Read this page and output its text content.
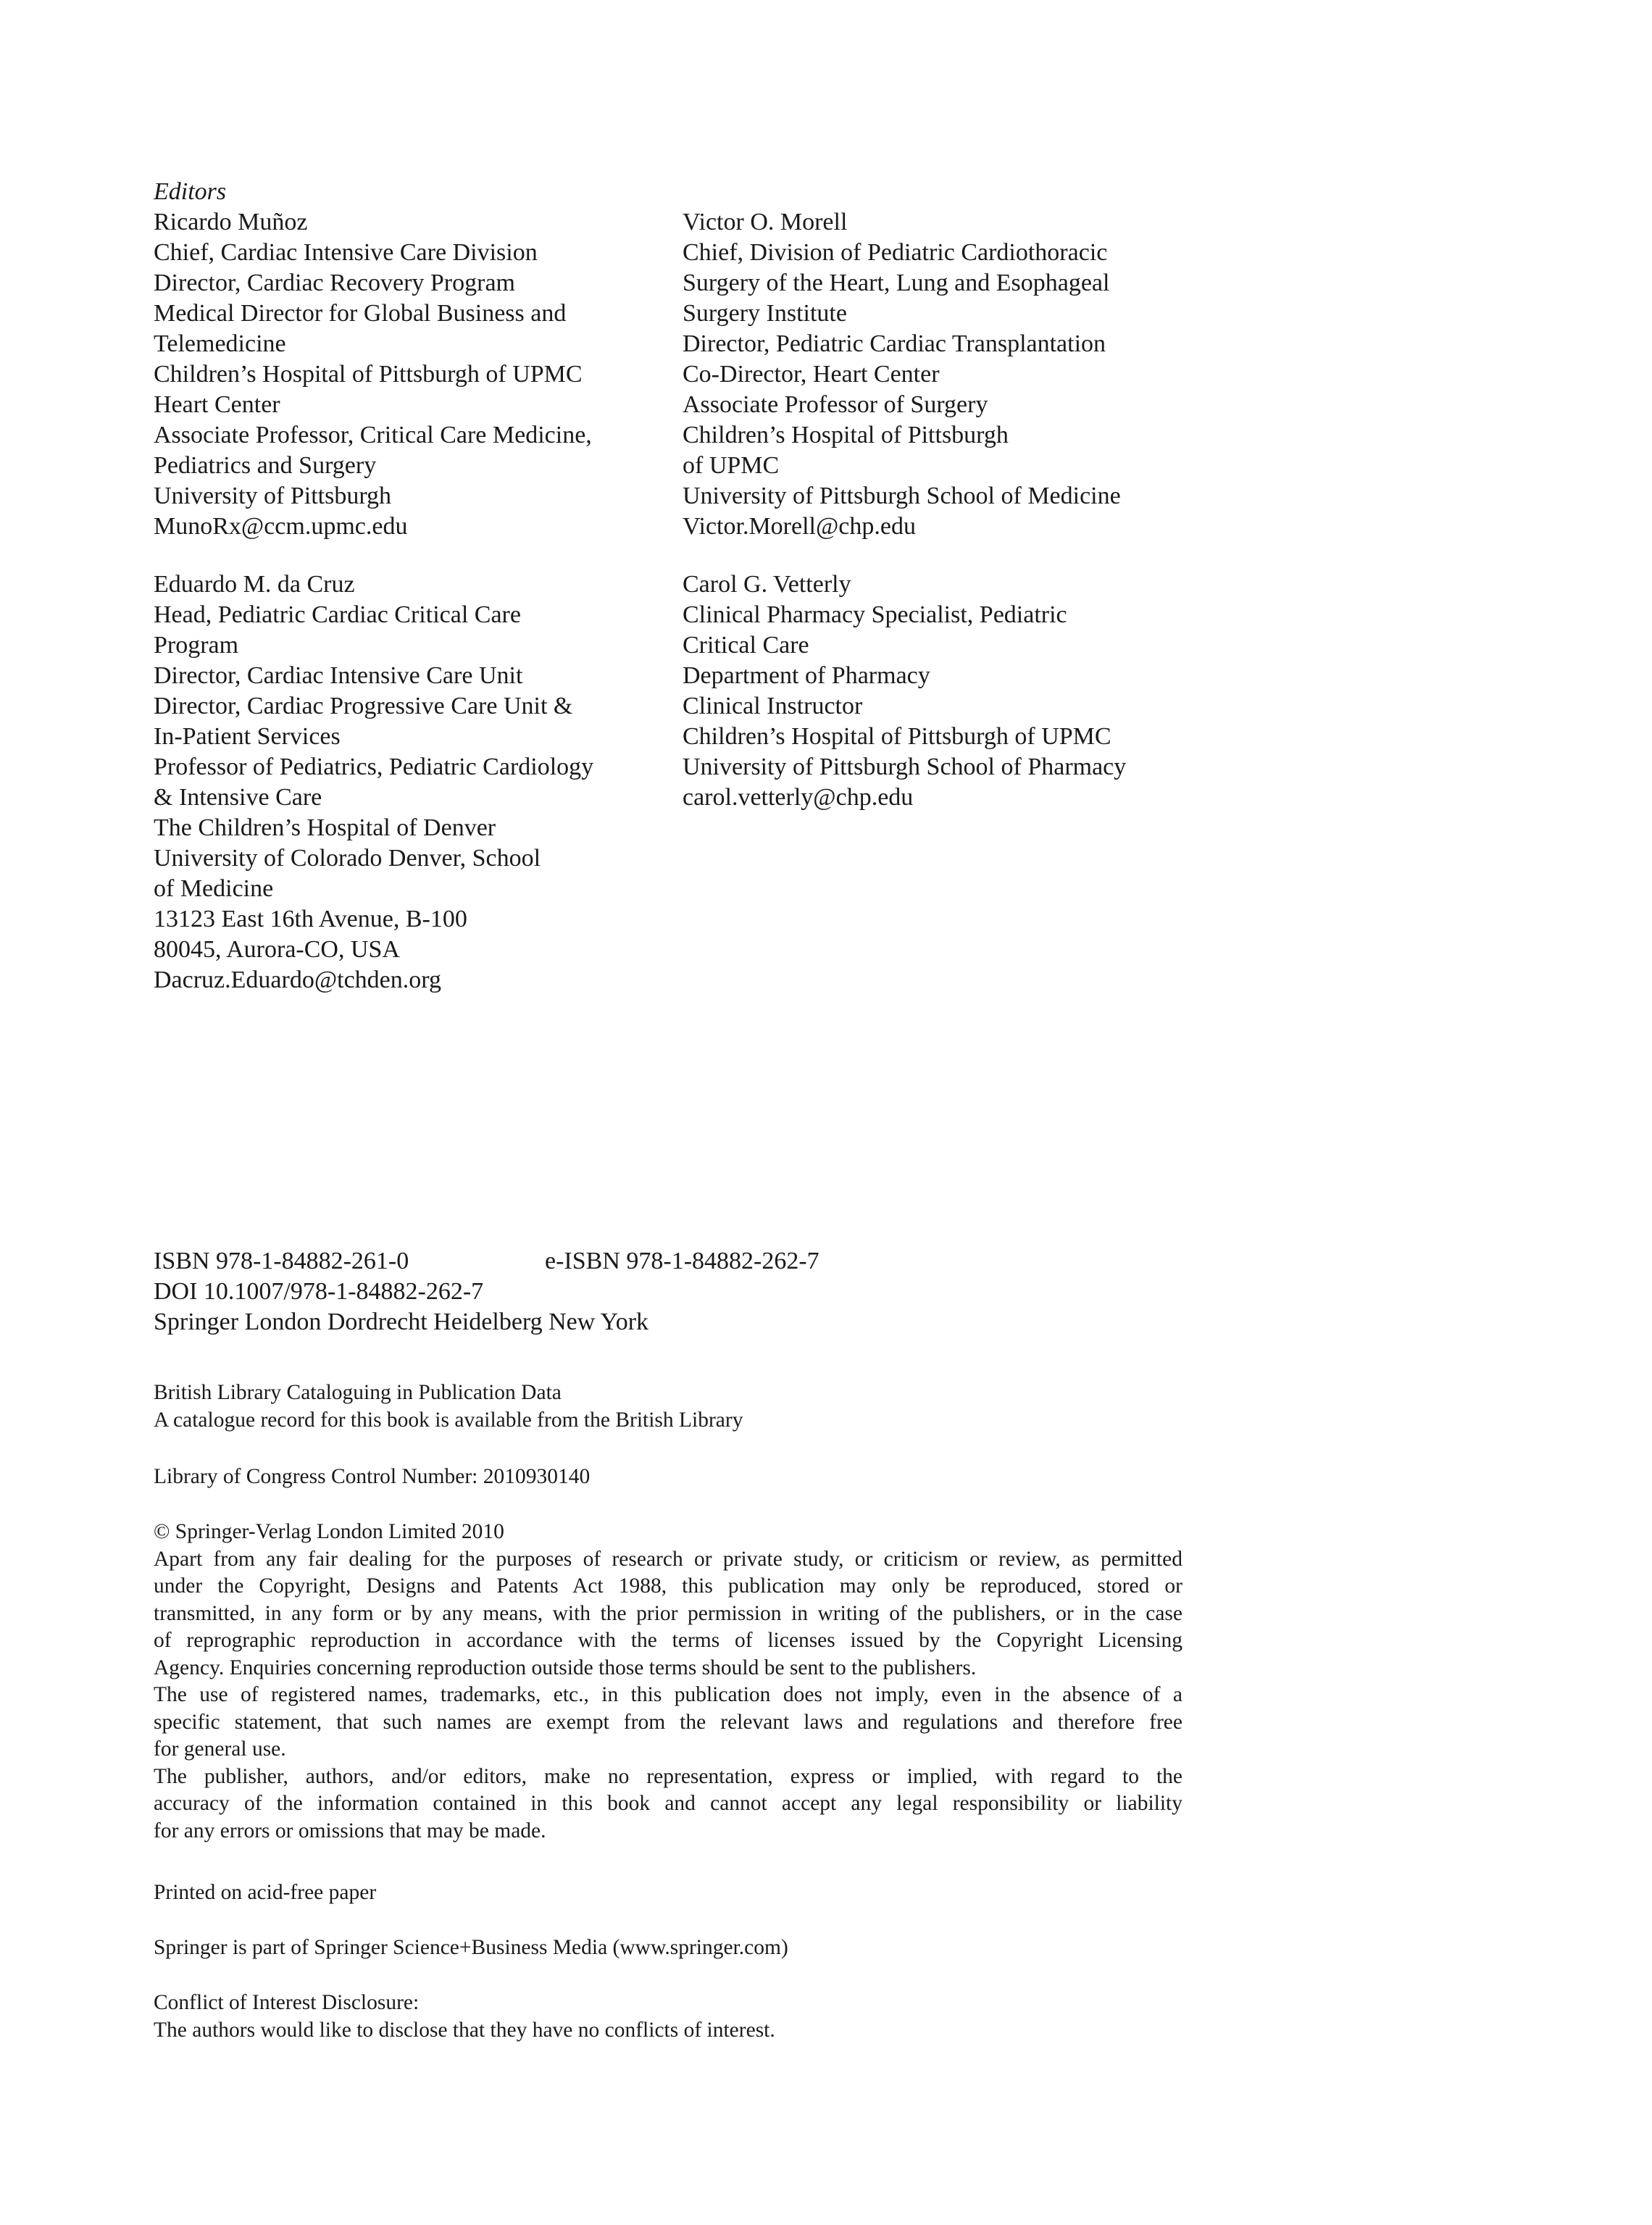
Editors
Ricardo Muñoz
Chief, Cardiac Intensive Care Division
Director, Cardiac Recovery Program
Medical Director for Global Business and
Telemedicine
Children’s Hospital of Pittsburgh of UPMC
Heart Center
Associate Professor, Critical Care Medicine,
Pediatrics and Surgery
University of Pittsburgh
MunoRx@ccm.upmc.edu
Victor O. Morell
Chief, Division of Pediatric Cardiothoracic
Surgery of the Heart, Lung and Esophageal
Surgery Institute
Director, Pediatric Cardiac Transplantation
Co-Director, Heart Center
Associate Professor of Surgery
Children’s Hospital of Pittsburgh
of UPMC
University of Pittsburgh School of Medicine
Victor.Morell@chp.edu
Eduardo M. da Cruz
Head, Pediatric Cardiac Critical Care
Program
Director, Cardiac Intensive Care Unit
Director, Cardiac Progressive Care Unit &
In-Patient Services
Professor of Pediatrics, Pediatric Cardiology
& Intensive Care
The Children’s Hospital of Denver
University of Colorado Denver, School
of Medicine
13123 East 16th Avenue, B-100
80045, Aurora-CO, USA
Dacruz.Eduardo@tchden.org
Carol G. Vetterly
Clinical Pharmacy Specialist, Pediatric
Critical Care
Department of Pharmacy
Clinical Instructor
Children’s Hospital of Pittsburgh of UPMC
University of Pittsburgh School of Pharmacy
carol.vetterly@chp.edu
ISBN 978-1-84882-261-0	e-ISBN 978-1-84882-262-7
DOI 10.1007/978-1-84882-262-7
Springer London Dordrecht Heidelberg New York
British Library Cataloguing in Publication Data
A catalogue record for this book is available from the British Library
Library of Congress Control Number: 2010930140
© Springer-Verlag London Limited 2010
Apart from any fair dealing for the purposes of research or private study, or criticism or review, as permitted
under the Copyright, Designs and Patents Act 1988, this publication may only be reproduced, stored or
transmitted, in any form or by any means, with the prior permission in writing of the publishers, or in the case
of reprographic reproduction in accordance with the terms of licenses issued by the Copyright Licensing
Agency. Enquiries concerning reproduction outside those terms should be sent to the publishers.
The use of registered names, trademarks, etc., in this publication does not imply, even in the absence of a
specific statement, that such names are exempt from the relevant laws and regulations and therefore free
for general use.
The publisher, authors, and/or editors, make no representation, express or implied, with regard to the
accuracy of the information contained in this book and cannot accept any legal responsibility or liability
for any errors or omissions that may be made.
Printed on acid-free paper
Springer is part of Springer Science+Business Media (www.springer.com)
Conflict of Interest Disclosure:
The authors would like to disclose that they have no conflicts of interest.
